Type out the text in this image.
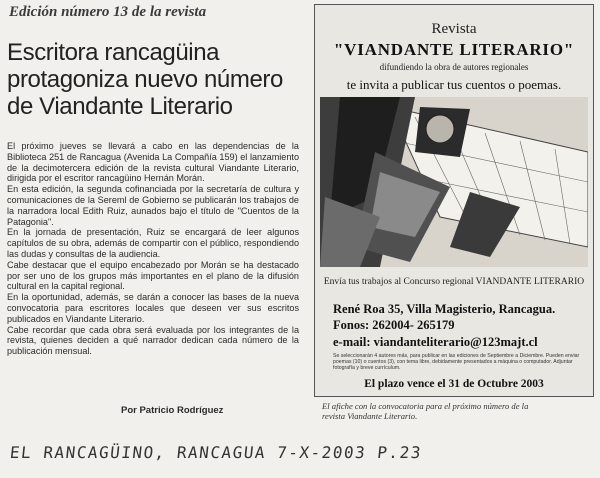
Edición número 13 de la revista
Escritora rancagüina protagoniza nuevo número de Viandante Literario

El próximo jueves se llevará a cabo en las dependencias de la Biblioteca 251 de Rancagua (Avenida La Compañía 159) el lanzamiento de la decimotercera edición de la revista cultural Viandante Literario, dirigida por el escritor rancagüino Hernán Morán.

En esta edición, la segunda cofinanciada por la secretaría de cultura y comunicaciones de la Sereml de Gobierno se publicarán los trabajos de la narradora local Edith Ruiz, aunados bajo el título de "Cuentos de la Patagonia".

En la jornada de presentación, Ruiz se encargará de leer algunos capítulos de su obra, además de compartir con el público, respondiendo las dudas y consultas de la audiencia.

Cabe destacar que el equipo encabezado por Morán se ha destacado por ser uno de los grupos más importantes en el plano de la difusión cultural en la capital regional.

En la oportunidad, además, se darán a conocer las bases de la nueva convocatoria para escritores locales que deseen ver sus escritos publicados en Viandante Literario.

Cabe recordar que cada obra será evaluada por los integrantes de la revista, quienes deciden a qué narrador dedican cada número de la publicación mensual.

Por Patricio Rodríguez
Revista
"VIANDANTE LITERARIO"
difundiendo la obra de autores regionales
te invita a publicar tus cuentos o poemas.
Envía tus trabajos al Concurso regional VIANDANTE LITERARIO
René Roa 35, Villa Magisterio, Rancagua.
Fonos: 262004- 265179
e-mail: viandanteliterario@123majt.cl
Se seleccionarán 4 autores más, para publicar en las ediciones de Septiembre a Diciembre. Pueden enviar poemas (10) o cuentos (3), con tema libre, debidamente presentados a máquina o computador. Adjuntar fotografía y breve currículum.
El plazo vence el 31 de Octubre 2003
El afiche con la convocatoria para el próximo número de la revista Viandante Literario.
EL RANCAGÜINO, RANCAGUA 7-X-2003 P.23
